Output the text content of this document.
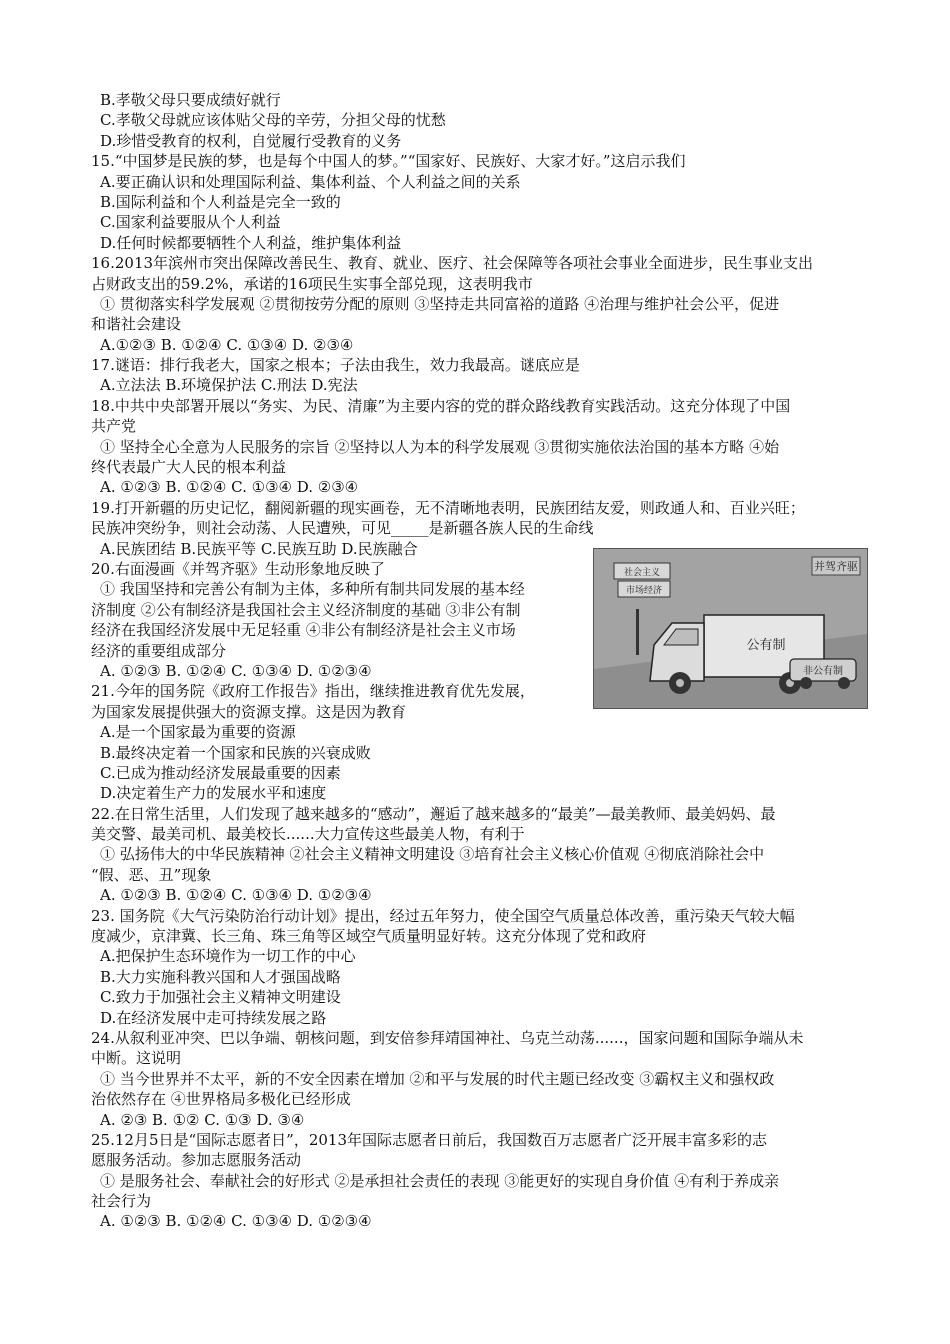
B.孝敬父母只要成绩好就行
C.孝敬父母就应该体贴父母的辛劳，分担父母的忧愁
D.珍惜受教育的权利，自觉履行受教育的义务
15.“中国梦是民族的梦，也是每个中国人的梦。”“国家好、民族好、大家才好。”这启示我们
A.要正确认识和处理国际利益、集体利益、个人利益之间的关系
B.国际利益和个人利益是完全一致的
C.国家利益要服从个人利益
D.任何时候都要牺牲个人利益，维护集体利益
16.2013年滨州市突出保障改善民生、教育、就业、医疗、社会保障等各项社会事业全面进步，民生事业支出
占财政支出的59.2%，承诺的16项民生实事全部兑现，这表明我市
① 贯彻落实科学发展观 ②贯彻按劳分配的原则 ③坚持走共同富裕的道路 ④治理与维护社会公平，促进
和谐社会建设
A.①②③ B. ①②④ C. ①③④ D. ②③④
17.谜语：排行我老大，国家之根本；子法由我生，效力我最高。谜底应是
A.立法法 B.环境保护法 C.刑法 D.宪法
18.中共中央部署开展以“务实、为民、清廉”为主要内容的党的群众路线教育实践活动。这充分体现了中国
共产党
① 坚持全心全意为人民服务的宗旨 ②坚持以人为本的科学发展观 ③贯彻实施依法治国的基本方略 ④始
终代表最广大人民的根本利益
A. ①②③ B. ①②④ C. ①③④ D. ②③④
19.打开新疆的历史记忆，翻阅新疆的现实画卷，无不清晰地表明，民族团结友爱，则政通人和、百业兴旺；
民族冲突纷争，则社会动荡、人民遭殃，可见_____是新疆各族人民的生命线
A.民族团结 B.民族平等 C.民族互助 D.民族融合
20.右面漫画《并驾齐驱》生动形象地反映了
① 我国坚持和完善公有制为主体，多种所有制共同发展的基本经
济制度 ②公有制经济是我国社会主义经济制度的基础 ③非公有制
经济在我国经济发展中无足轻重 ④非公有制经济是社会主义市场
经济的重要组成部分
A. ①②③ B. ①②④ C. ①③④ D. ①②③④
21.今年的国务院《政府工作报告》指出，继续推进教育优先发展，
为国家发展提供强大的资源支撑。这是因为教育
A.是一个国家最为重要的资源
B.最终决定着一个国家和民族的兴衰成败
C.已成为推动经济发展最重要的因素
D.决定着生产力的发展水平和速度
22.在日常生活里，人们发现了越来越多的“感动”，邂逅了越来越多的“最美”—最美教师、最美妈妈、最
美交警、最美司机、最美校长......大力宣传这些最美人物，有利于
① 弘扬伟大的中华民族精神 ②社会主义精神文明建设 ③培育社会主义核心价值观 ④彻底消除社会中
“假、恶、丑”现象
A. ①②③ B. ①②④ C. ①③④ D. ①②③④
23. 国务院《大气污染防治行动计划》提出，经过五年努力，使全国空气质量总体改善，重污染天气较大幅
度减少，京津冀、长三角、珠三角等区域空气质量明显好转。这充分体现了党和政府
A.把保护生态环境作为一切工作的中心
B.大力实施科教兴国和人才强国战略
C.致力于加强社会主义精神文明建设
D.在经济发展中走可持续发展之路
24.从叙利亚冲突、巴以争端、朝核问题，到安倍参拜靖国神社、乌克兰动荡......，国家问题和国际争端从未
中断。这说明
① 当今世界并不太平，新的不安全因素在增加 ②和平与发展的时代主题已经改变 ③霸权主义和强权政
治依然存在 ④世界格局多极化已经形成
A. ②③ B. ①② C. ①③ D. ③④
25.12月5日是“国际志愿者日”，2013年国际志愿者日前后，我国数百万志愿者广泛开展丰富多彩的志
愿服务活动。参加志愿服务活动
① 是服务社会、奉献社会的好形式 ②是承担社会责任的表现 ③能更好的实现自身价值 ④有利于养成亲
社会行为
A. ①②③ B. ①②④ C. ①③④ D. ①②③④
并驾齐驱
社会主义
市场经济
公有制
非公有制
